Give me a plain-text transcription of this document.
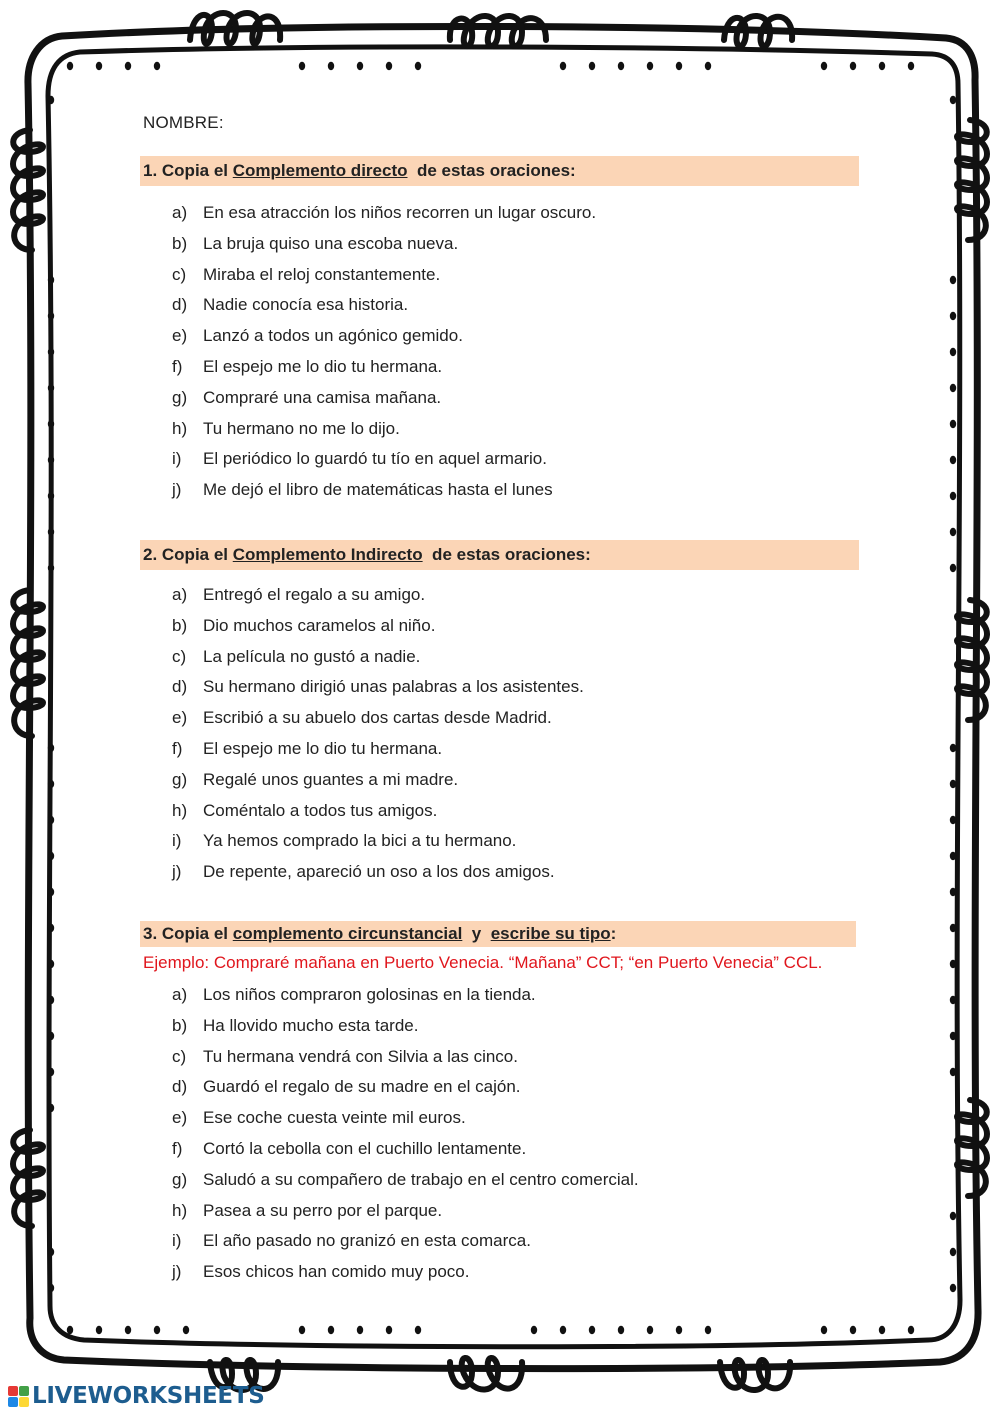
NOMBRE:
1. Copia el Complemento directo  de estas oraciones:
a) En esa atracción los niños recorren un lugar oscuro.
b) La bruja quiso una escoba nueva.
c) Miraba el reloj constantemente.
d) Nadie conocía esa historia.
e) Lanzó a todos un agónico gemido.
f) El espejo me lo dio tu hermana.
g) Compraré una camisa mañana.
h) Tu hermano no me lo dijo.
i) El periódico lo guardó tu tío en aquel armario.
j) Me dejó el libro de matemáticas hasta el lunes
2. Copia el Complemento Indirecto  de estas oraciones:
a) Entregó el regalo a su amigo.
b) Dio muchos caramelos al niño.
c) La película no gustó a nadie.
d) Su hermano dirigió unas palabras a los asistentes.
e) Escribió a su abuelo dos cartas desde Madrid.
f) El espejo me lo dio tu hermana.
g) Regalé unos guantes a mi madre.
h) Coméntalo a todos tus amigos.
i) Ya hemos comprado la bici a tu hermano.
j) De repente, apareció un oso a los dos amigos.
3. Copia el complemento circunstancial  y  escribe su tipo:
Ejemplo: Compraré mañana en Puerto Venecia. “Mañana” CCT; “en Puerto Venecia” CCL.
a) Los niños compraron golosinas en la tienda.
b) Ha llovido mucho esta tarde.
c) Tu hermana vendrá con Silvia a las cinco.
d) Guardó el regalo de su madre en el cajón.
e) Ese coche cuesta veinte mil euros.
f) Cortó la cebolla con el cuchillo lentamente.
g) Saludó a su compañero de trabajo en el centro comercial.
h) Pasea a su perro por el parque.
i) El año pasado no granizó en esta comarca.
j) Esos chicos han comido muy poco.
LIVEWORKSHEETS
